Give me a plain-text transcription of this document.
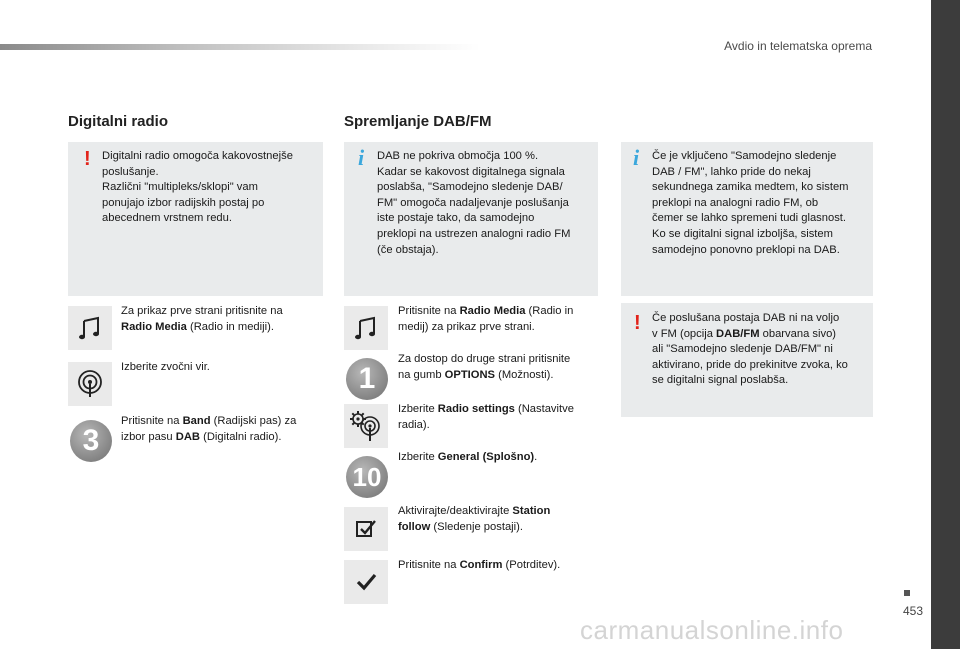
Avdio in telematska oprema
Digitalni radio
! Digitalni radio omogoča kakovostnejše
poslušanje.
Različni "multipleks/sklopi" vam
ponujajo izbor radijskih postaj po
abecednem vrstnem redu.
Za prikaz prve strani pritisnite na
Radio Media (Radio in mediji).
Izberite zvočni vir.
3
Pritisnite na Band (Radijski pas) za
izbor pasu DAB (Digitalni radio).
Spremljanje DAB/FM
i DAB ne pokriva območja 100 %.
Kadar se kakovost digitalnega signala
poslabša, "Samodejno sledenje DAB/
FM" omogoča nadaljevanje poslušanja
iste postaje tako, da samodejno
preklopi na ustrezen analogni radio FM
(če obstaja).
Pritisnite na Radio Media (Radio in
medij) za prikaz prve strani.
1
Za dostop do druge strani pritisnite
na gumb OPTIONS (Možnosti).
Izberite Radio settings (Nastavitve
radia).
10
Izberite General (Splošno).
Aktivirajte/deaktivirajte Station
follow (Sledenje postaji).
Pritisnite na Confirm (Potrditev).
i Če je vključeno "Samodejno sledenje
DAB / FM", lahko pride do nekaj
sekundnega zamika medtem, ko sistem
preklopi na analogni radio FM, ob
čemer se lahko spremeni tudi glasnost.
Ko se digitalni signal izboljša, sistem
samodejno ponovno preklopi na DAB.
! Če poslušana postaja DAB ni na voljo
v FM (opcija DAB/FM obarvana sivo)
ali "Samodejno sledenje DAB/FM" ni
aktivirano, pride do prekinitve zvoka, ko
se digitalni signal poslabša.
453
carmanualsonline.info
